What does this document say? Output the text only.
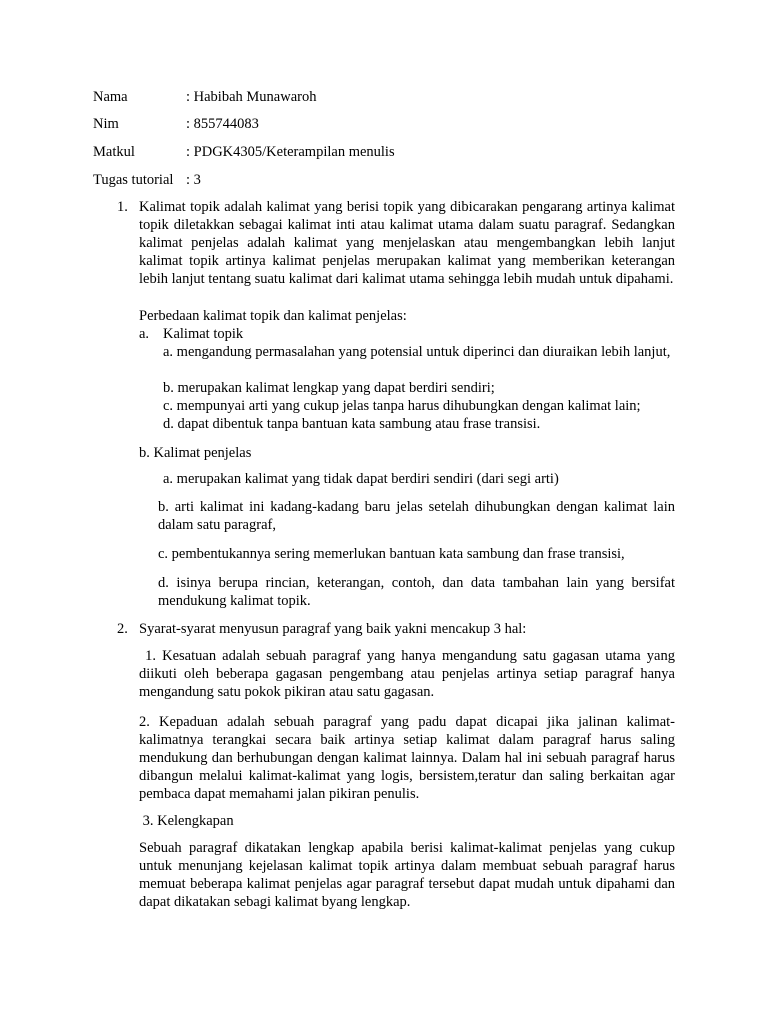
Nama	: Habibah Munawaroh
Nim	: 855744083
Matkul	: PDGK4305/Keterampilan menulis
Tugas tutorial : 3
1. Kalimat topik adalah kalimat yang berisi topik yang dibicarakan pengarang artinya kalimat topik diletakkan sebagai kalimat inti atau kalimat utama dalam suatu paragraf. Sedangkan kalimat penjelas adalah kalimat yang menjelaskan atau mengembangkan lebih lanjut kalimat topik artinya kalimat penjelas merupakan kalimat yang memberikan keterangan lebih lanjut tentang suatu kalimat dari kalimat utama sehingga lebih mudah untuk dipahami.
Perbedaan kalimat topik dan kalimat penjelas:
a. Kalimat topik
a. mengandung permasalahan yang potensial untuk diperinci dan diuraikan lebih lanjut,
b. merupakan kalimat lengkap yang dapat berdiri sendiri;
c. mempunyai arti yang cukup jelas tanpa harus dihubungkan dengan kalimat lain;
d. dapat dibentuk tanpa bantuan kata sambung atau frase transisi.
b. Kalimat penjelas
a. merupakan kalimat yang tidak dapat berdiri sendiri (dari segi arti)
b. arti kalimat ini kadang-kadang baru jelas setelah dihubungkan dengan kalimat lain dalam satu paragraf,
c. pembentukannya sering memerlukan bantuan kata sambung dan frase transisi,
d. isinya berupa rincian, keterangan, contoh, dan data tambahan lain yang bersifat mendukung kalimat topik.
2. Syarat-syarat menyusun paragraf yang baik yakni mencakup 3 hal:
1. Kesatuan adalah sebuah paragraf yang hanya mengandung satu gagasan utama yang diikuti oleh beberapa gagasan pengembang atau penjelas artinya setiap paragraf hanya mengandung satu pokok pikiran atau satu gagasan.
2. Kepaduan adalah sebuah paragraf yang padu dapat dicapai jika jalinan kalimat-kalimatnya terangkai secara baik artinya setiap kalimat dalam paragraf harus saling mendukung dan berhubungan dengan kalimat lainnya. Dalam hal ini sebuah paragraf harus dibangun melalui kalimat-kalimat yang logis, bersistem,teratur dan saling berkaitan agar pembaca dapat memahami jalan pikiran penulis.
3. Kelengkapan
Sebuah paragraf dikatakan lengkap apabila berisi kalimat-kalimat penjelas yang cukup untuk menunjang kejelasan kalimat topik artinya dalam membuat sebuah paragraf harus memuat beberapa kalimat penjelas agar paragraf tersebut dapat mudah untuk dipahami dan dapat dikatakan sebagi kalimat byang lengkap.
